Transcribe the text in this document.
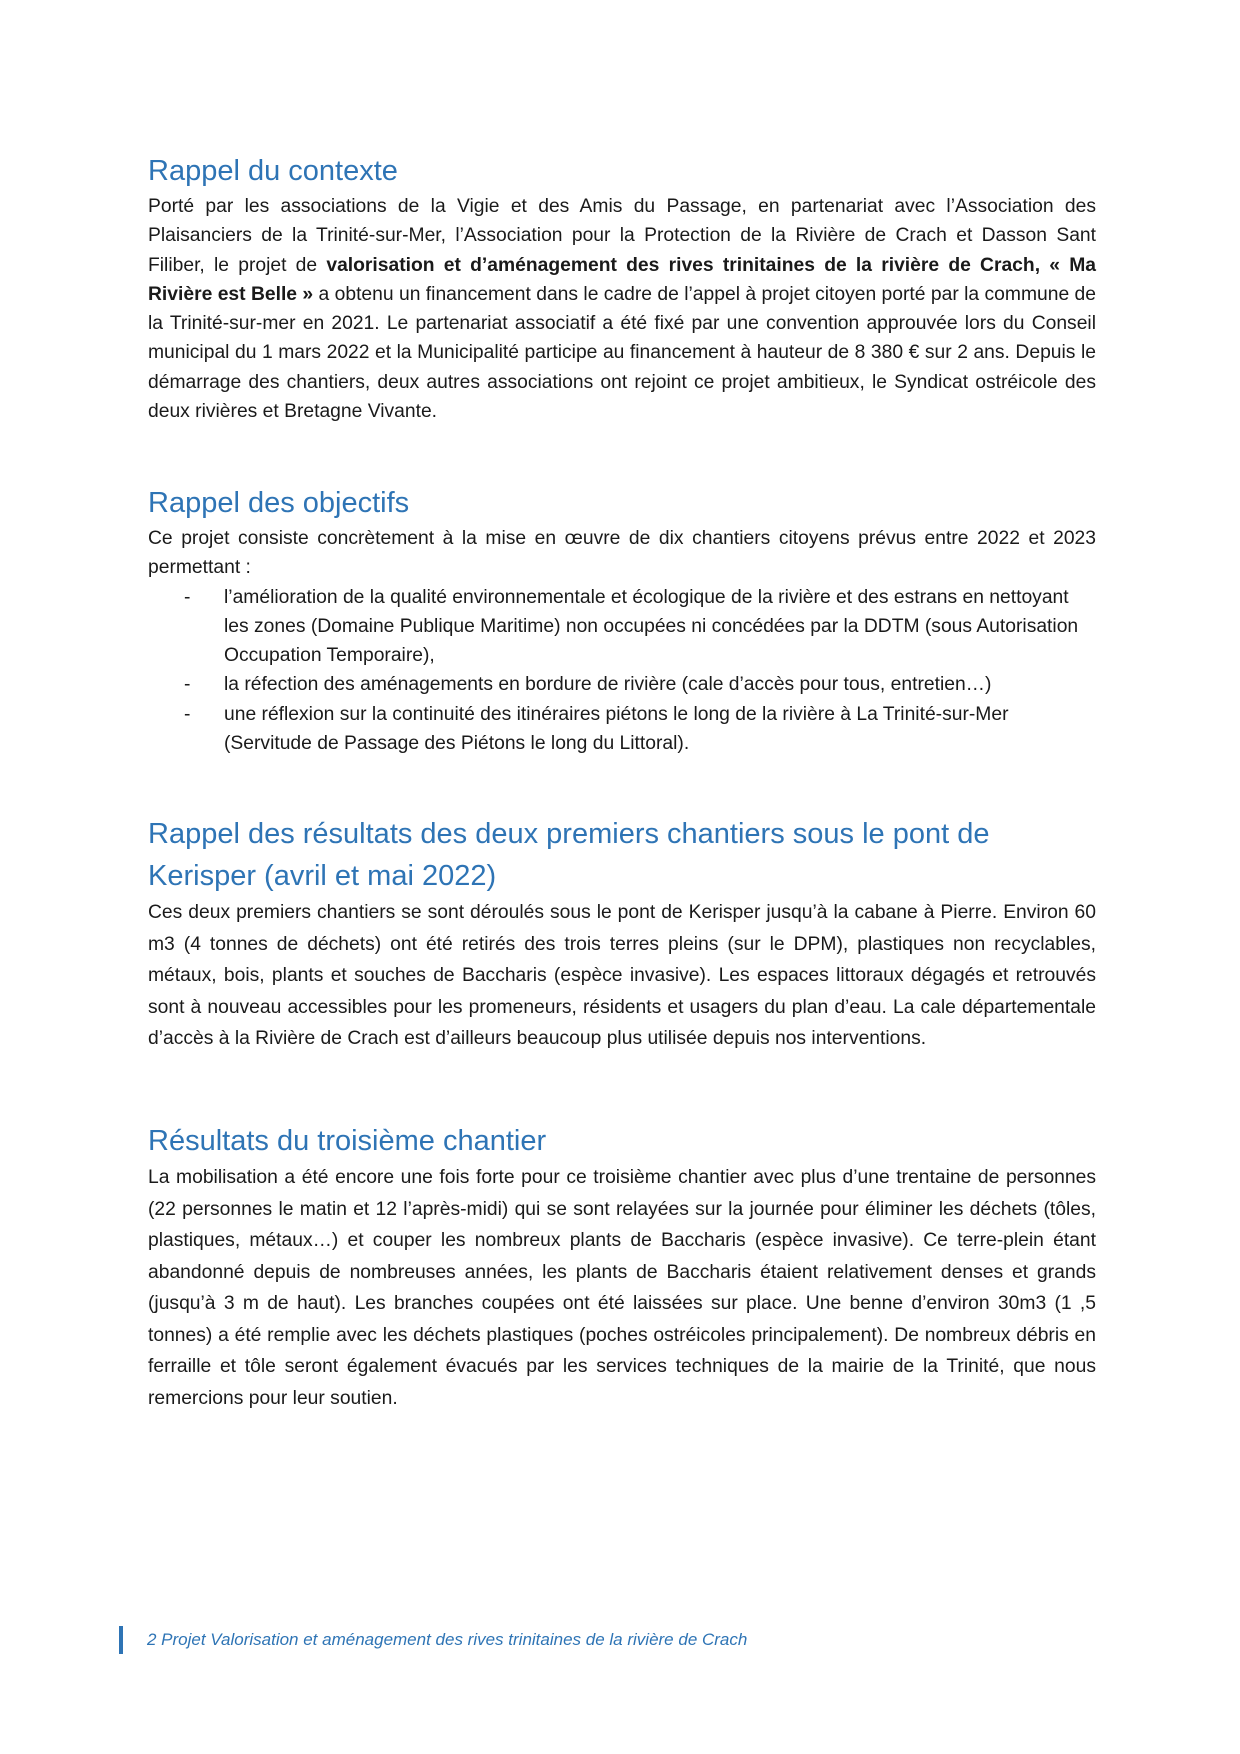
Rappel du contexte

Porté par les associations de la Vigie et des Amis du Passage, en partenariat avec l’Association des Plaisanciers de la Trinité-sur-Mer, l’Association pour la Protection de la Rivière de Crach et Dasson Sant Filiber, le projet de valorisation et d’aménagement des rives trinitaines de la rivière de Crach, « Ma Rivière est Belle » a obtenu un financement dans le cadre de l’appel à projet citoyen porté par la commune de la Trinité-sur-mer en 2021. Le partenariat associatif a été fixé par une convention approuvée lors du Conseil municipal du 1 mars 2022 et la Municipalité participe au financement à hauteur de 8 380 € sur 2 ans. Depuis le démarrage des chantiers, deux autres associations ont rejoint ce projet ambitieux, le Syndicat ostréicole des deux rivières et Bretagne Vivante.

Rappel des objectifs

Ce projet consiste concrètement à la mise en œuvre de dix chantiers citoyens prévus entre 2022 et 2023 permettant :

- l’amélioration de la qualité environnementale et écologique de la rivière et des estrans en nettoyant les zones (Domaine Publique Maritime) non occupées ni concédées par la DDTM (sous Autorisation Occupation Temporaire),
- la réfection des aménagements en bordure de rivière (cale d’accès pour tous, entretien…)
- une réflexion sur la continuité des itinéraires piétons le long de la rivière à La Trinité-sur-Mer (Servitude de Passage des Piétons le long du Littoral).
Rappel des résultats des deux premiers chantiers sous le pont de Kerisper (avril et mai 2022)

Ces deux premiers chantiers se sont déroulés sous le pont de Kerisper jusqu’à la cabane à Pierre. Environ 60 m3 (4 tonnes de déchets) ont été retirés des trois terres pleins (sur le DPM), plastiques non recyclables, métaux, bois, plants et souches de Baccharis (espèce invasive). Les espaces littoraux dégagés et retrouvés sont à nouveau accessibles pour les promeneurs, résidents et usagers du plan d’eau. La cale départementale d’accès à la Rivière de Crach est d’ailleurs beaucoup plus utilisée depuis nos interventions.

Résultats du troisième chantier

La mobilisation a été encore une fois forte pour ce troisième chantier avec plus d’une trentaine de personnes (22 personnes le matin et 12 l’après-midi) qui se sont relayées sur la journée pour éliminer les déchets (tôles, plastiques, métaux…) et couper les nombreux plants de Baccharis (espèce invasive). Ce terre-plein étant abandonné depuis de nombreuses années, les plants de Baccharis étaient relativement denses et grands (jusqu’à 3 m de haut). Les branches coupées ont été laissées sur place. Une benne d’environ 30m3 (1 ,5 tonnes) a été remplie avec les déchets plastiques (poches ostréicoles principalement). De nombreux débris en ferraille et tôle seront également évacués par les services techniques de la mairie de la Trinité, que nous remercions pour leur soutien.

2 Projet Valorisation et aménagement des rives trinitaines de la rivière de Crach
